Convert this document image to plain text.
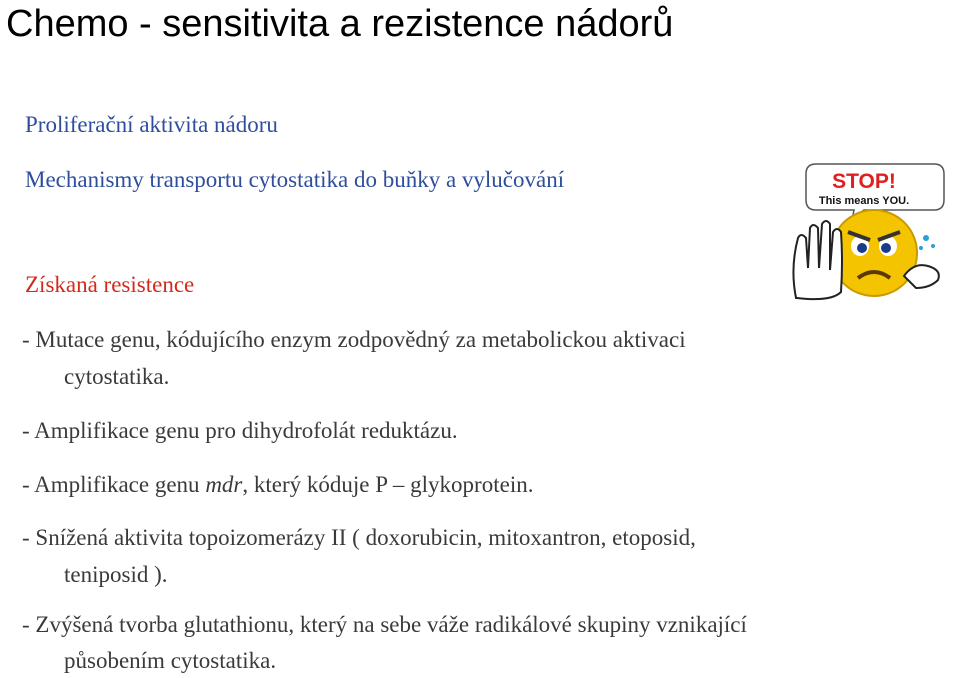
Chemo - sensitivita a rezistence nádorů
Proliferační aktivita nádoru
Mechanismy transportu cytostatika do buňky a vylučování
Získaná resistence
- Mutace genu, kódujícího enzym zodpovědný za metabolickou aktivaci
cytostatika.
- Amplifikace genu pro dihydrofolát reduktázu.
- Amplifikace genu mdr, který kóduje P – glykoprotein.
- Snížená aktivita topoizomerázy II ( doxorubicin, mitoxantron, etoposid,
teniposid ).
- Zvýšená tvorba glutathionu, který na sebe váže radikálové skupiny vznikající
působením cytostatika.
STOP!
This means YOU.
